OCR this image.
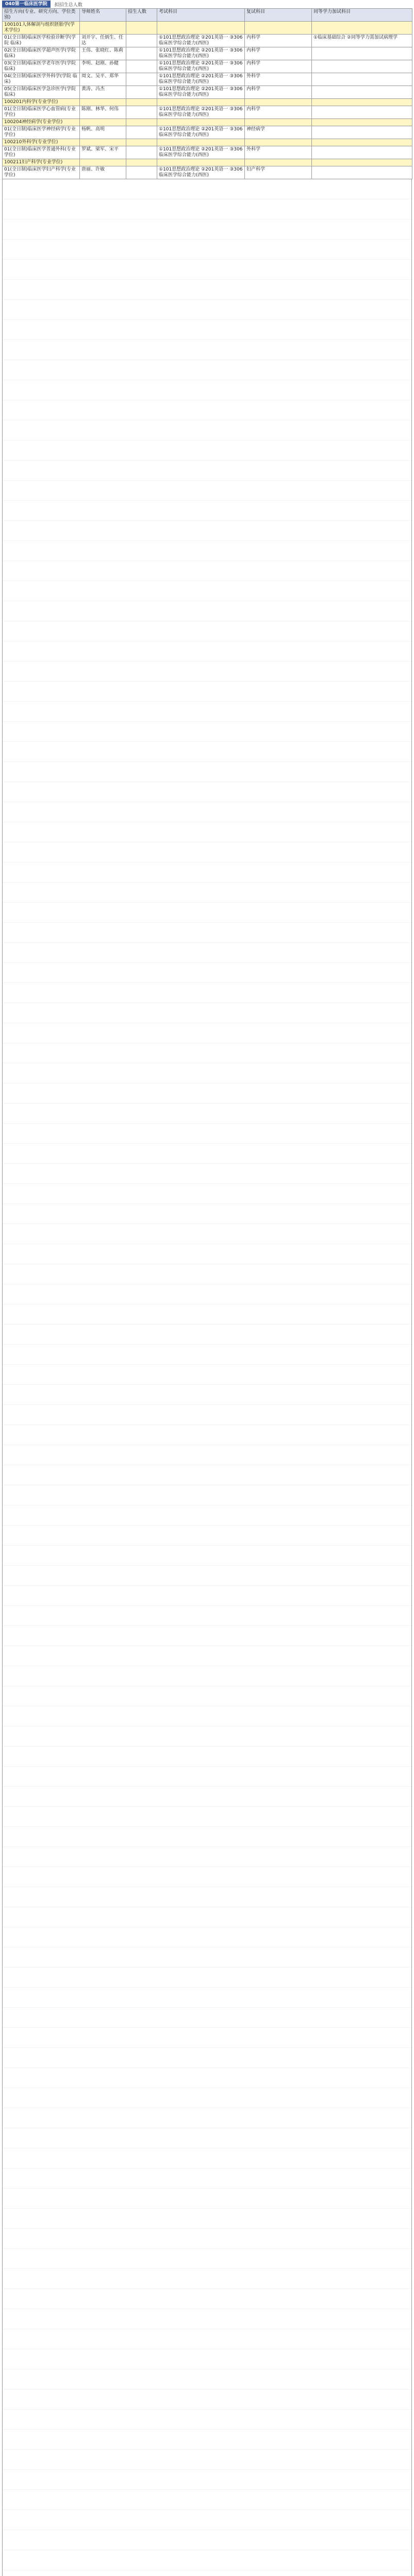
040第一临床医学院	拟招生总人数
招生方向(专业、研究方向、学位类别)	导师姓名	招生人数	考试科目	复试科目	同等学力加试科目
100101人体解剖与组织胚胎学(学术学位)					
01(全日制)临床医学检验诊断学(学院 临床)	刘开宇、任炳生、任达		①101思想政治理论 ②201英语一 ③306临床医学综合能力(西医)	内科学	①临床基础综合 ②同等学力需加试病理学
02(全日制)临床医学超声医学(学院 临床)	王伟、张晓红、陈莉		①101思想政治理论 ②201英语一 ③306临床医学综合能力(西医)	内科学	
03(全日制)临床医学老年医学(学院 临床)	李明、赵刚、孙健		①101思想政治理论 ②201英语一 ③306临床医学综合能力(西医)	内科学	
04(全日制)临床医学外科学(学院 临床)	周文、吴平、郑华		①101思想政治理论 ②201英语一 ③306临床医学综合能力(西医)	外科学	
05(全日制)临床医学急诊医学(学院 临床)	黄涛、冯杰		①101思想政治理论 ②201英语一 ③306临床医学综合能力(西医)	内科学	
100201内科学(专业学位)					
01(全日制)临床医学心血管病(专业学位)	陈刚、林华、何伟		①101思想政治理论 ②201英语一 ③306临床医学综合能力(西医)	内科学	
100204神经病学(专业学位)					
01(全日制)临床医学神经病学(专业学位)	杨帆、高明		①101思想政治理论 ②201英语一 ③306临床医学综合能力(西医)	神经病学	
100210外科学(专业学位)					
01(全日制)临床医学普通外科(专业学位)	罗斌、梁军、宋平		①101思想政治理论 ②201英语一 ③306临床医学综合能力(西医)	外科学	
100211妇产科学(专业学位)					
01(全日制)临床医学妇产科学(专业学位)	唐丽、许敏		①101思想政治理论 ②201英语一 ③306临床医学综合能力(西医)	妇产科学	
